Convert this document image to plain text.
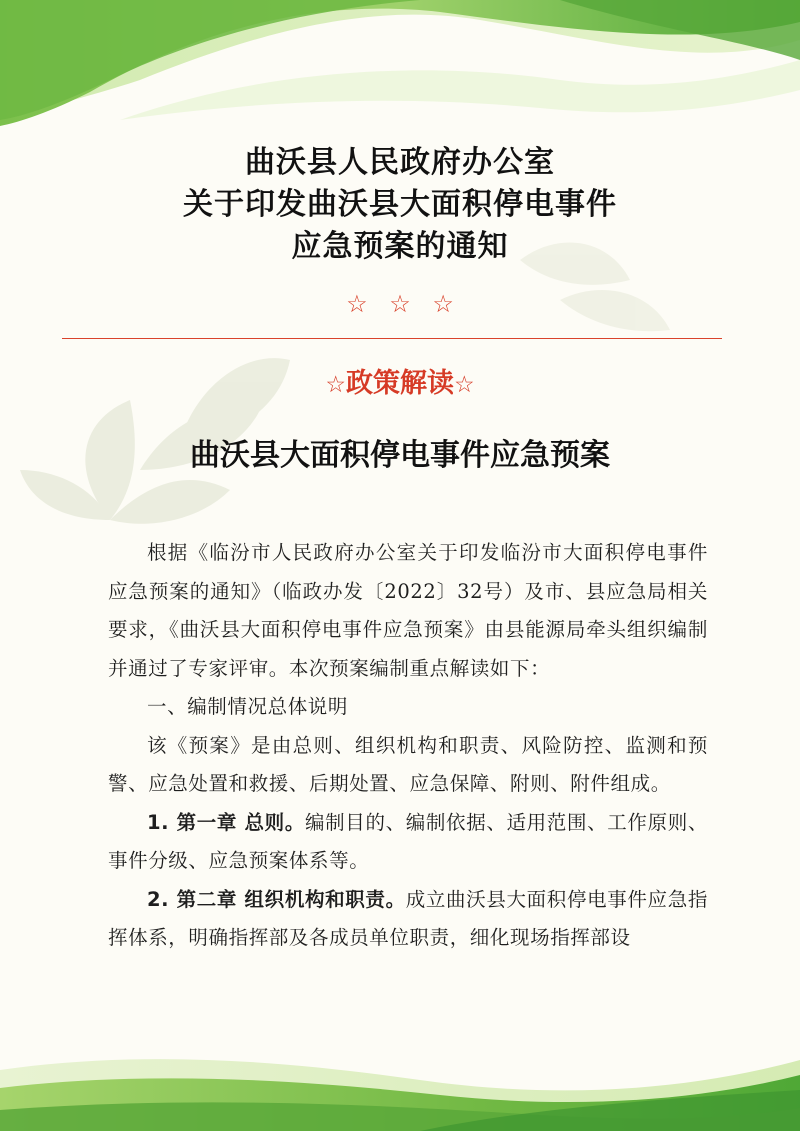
曲沃县人民政府办公室
关于印发曲沃县大面积停电事件
应急预案的通知
☆ ☆ ☆
☆政策解读☆
曲沃县大面积停电事件应急预案

根据《临汾市人民政府办公室关于印发临汾市大面积停电事件应急预案的通知》（临政办发〔2022〕32号）及市、县应急局相关要求，《曲沃县大面积停电事件应急预案》由县能源局牵头组织编制并通过了专家评审。本次预案编制重点解读如下：

一、编制情况总体说明

该《预案》是由总则、组织机构和职责、风险防控、监测和预警、应急处置和救援、后期处置、应急保障、附则、附件组成。

1. 第一章 总则。编制目的、编制依据、适用范围、工作原则、事件分级、应急预案体系等。

2. 第二章 组织机构和职责。成立曲沃县大面积停电事件应急指挥体系，明确指挥部及各成员单位职责，细化现场指挥部设
